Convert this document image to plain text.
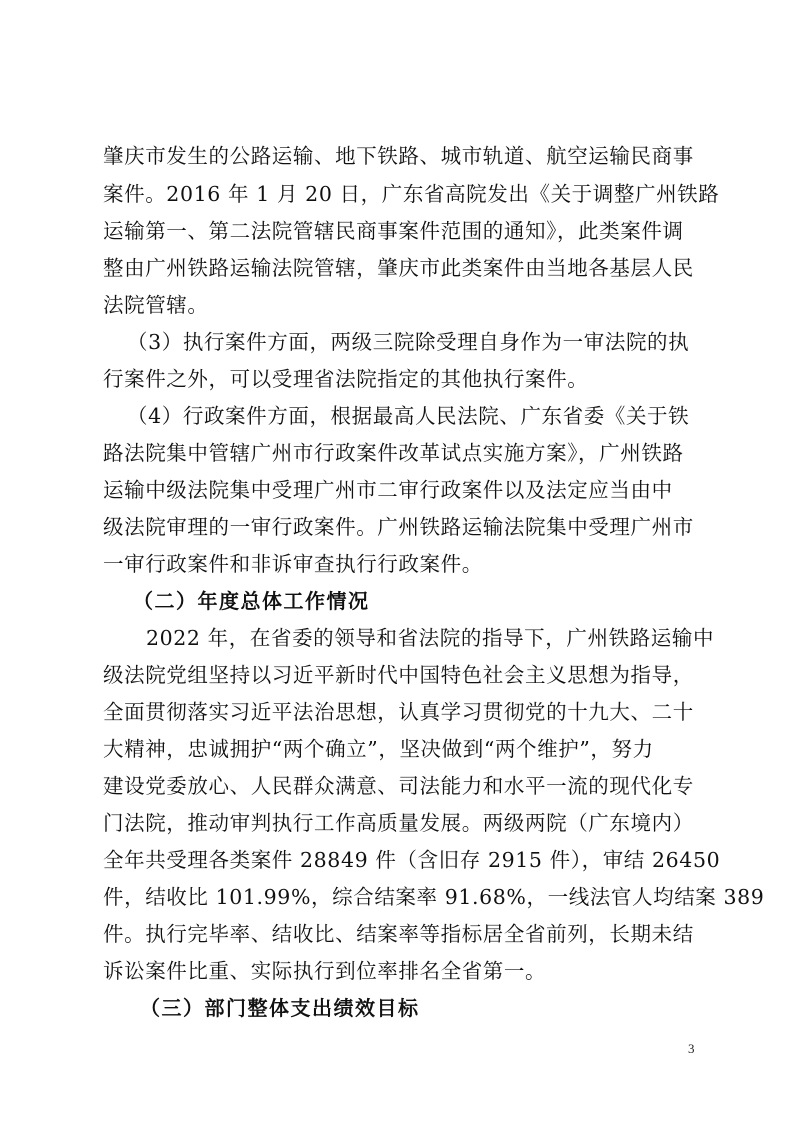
肇庆市发生的公路运输、地下铁路、城市轨道、航空运输民商事
案件。2016 年 1 月 20 日，广东省高院发出《关于调整广州铁路
运输第一、第二法院管辖民商事案件范围的通知》，此类案件调
整由广州铁路运输法院管辖，肇庆市此类案件由当地各基层人民
法院管辖。
（3）执行案件方面，两级三院除受理自身作为一审法院的执
行案件之外，可以受理省法院指定的其他执行案件。
（4）行政案件方面，根据最高人民法院、广东省委《关于铁
路法院集中管辖广州市行政案件改革试点实施方案》，广州铁路
运输中级法院集中受理广州市二审行政案件以及法定应当由中
级法院审理的一审行政案件。广州铁路运输法院集中受理广州市
一审行政案件和非诉审查执行行政案件。
（二）年度总体工作情况
2022 年，在省委的领导和省法院的指导下，广州铁路运输中
级法院党组坚持以习近平新时代中国特色社会主义思想为指导，
全面贯彻落实习近平法治思想，认真学习贯彻党的十九大、二十
大精神，忠诚拥护“两个确立”，坚决做到“两个维护”，努力
建设党委放心、人民群众满意、司法能力和水平一流的现代化专
门法院，推动审判执行工作高质量发展。两级两院（广东境内）
全年共受理各类案件 28849 件（含旧存 2915 件），审结 26450
件，结收比 101.99%，综合结案率 91.68%，一线法官人均结案 389
件。执行完毕率、结收比、结案率等指标居全省前列，长期未结
诉讼案件比重、实际执行到位率排名全省第一。
（三）部门整体支出绩效目标
3
